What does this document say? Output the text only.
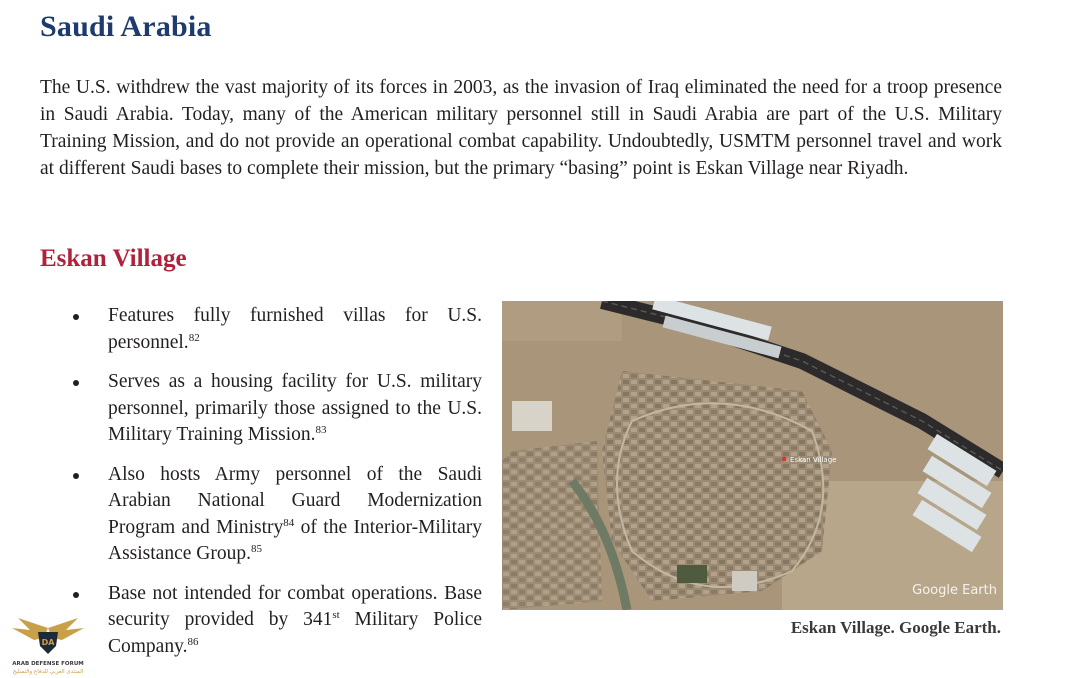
Saudi Arabia

The U.S. withdrew the vast majority of its forces in 2003, as the invasion of Iraq eliminated the need for a troop presence in Saudi Arabia. Today, many of the American military personnel still in Saudi Arabia are part of the U.S. Military Training Mission, and do not provide an operational combat capability. Undoubtedly, USMTM personnel travel and work at different Saudi bases to complete their mission, but the primary “basing” point is Eskan Village near Riyadh.

Eskan Village
Features fully furnished villas for U.S. personnel.$^{82}$
Serves as a housing facility for U.S. military personnel, primarily those assigned to the U.S. Military Training Mission.$^{83}$
Also hosts Army personnel of the Saudi Arabian National Guard Modernization Program and Ministry$^{84}$ of the Interior-Military Assistance Group.$^{85}$
Base not intended for combat operations. Base security provided by 341st Military Police Company.$^{86}$
Eskan Village
Google Earth

Eskan Village. Google Earth.

DA
ARAB DEFENSE FORUM
المنتدى العربي للدفاع والتسليح
